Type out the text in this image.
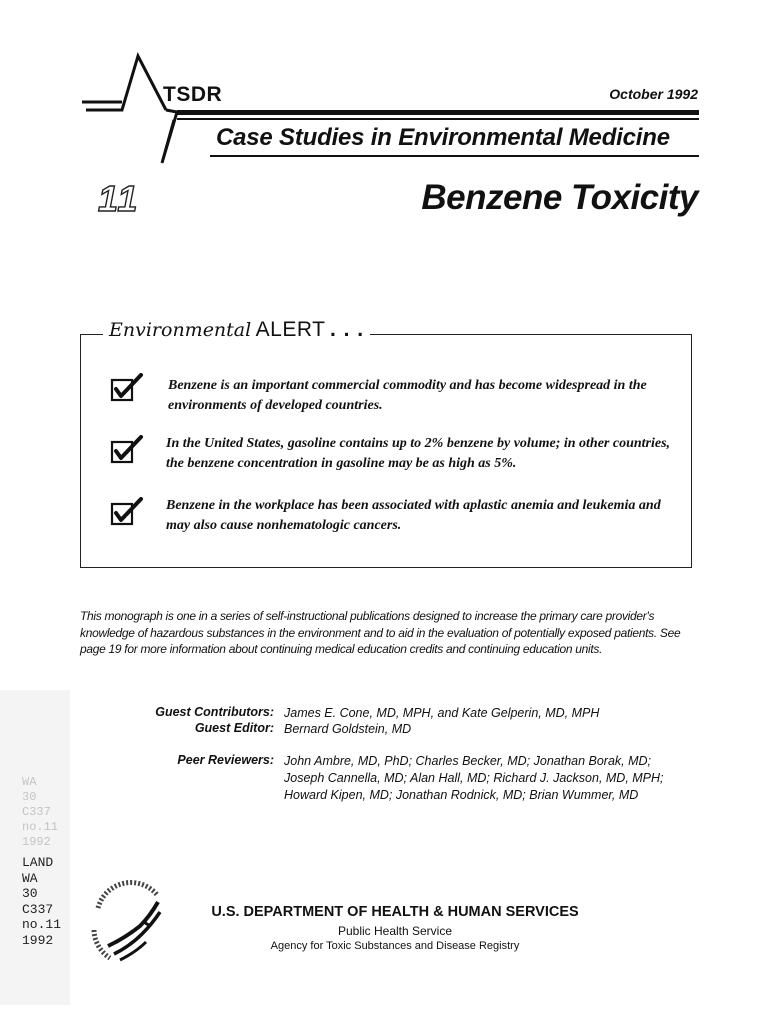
TSDR	October 1992
Case Studies in Environmental Medicine
11	Benzene Toxicity
Environmental ALERT . . .
Benzene is an important commercial commodity and has become widespread in the environments of developed countries.
In the United States, gasoline contains up to 2% benzene by volume; in other countries, the benzene concentration in gasoline may be as high as 5%.
Benzene in the workplace has been associated with aplastic anemia and leukemia and may also cause nonhematologic cancers.
This monograph is one in a series of self-instructional publications designed to increase the primary care provider's knowledge of hazardous substances in the environment and to aid in the evaluation of potentially exposed patients. See page 19 for more information about continuing medical education credits and continuing education units.
WA
30
C337
no.11
1992
LAND
WA
30
C337
no.11
1992
Guest Contributors: James E. Cone, MD, MPH, and Kate Gelperin, MD, MPH
Guest Editor: Bernard Goldstein, MD
Peer Reviewers: John Ambre, MD, PhD; Charles Becker, MD; Jonathan Borak, MD;
Joseph Cannella, MD; Alan Hall, MD; Richard J. Jackson, MD, MPH;
Howard Kipen, MD; Jonathan Rodnick, MD; Brian Wummer, MD
U.S. DEPARTMENT OF HEALTH & HUMAN SERVICES
Public Health Service
Agency for Toxic Substances and Disease Registry
